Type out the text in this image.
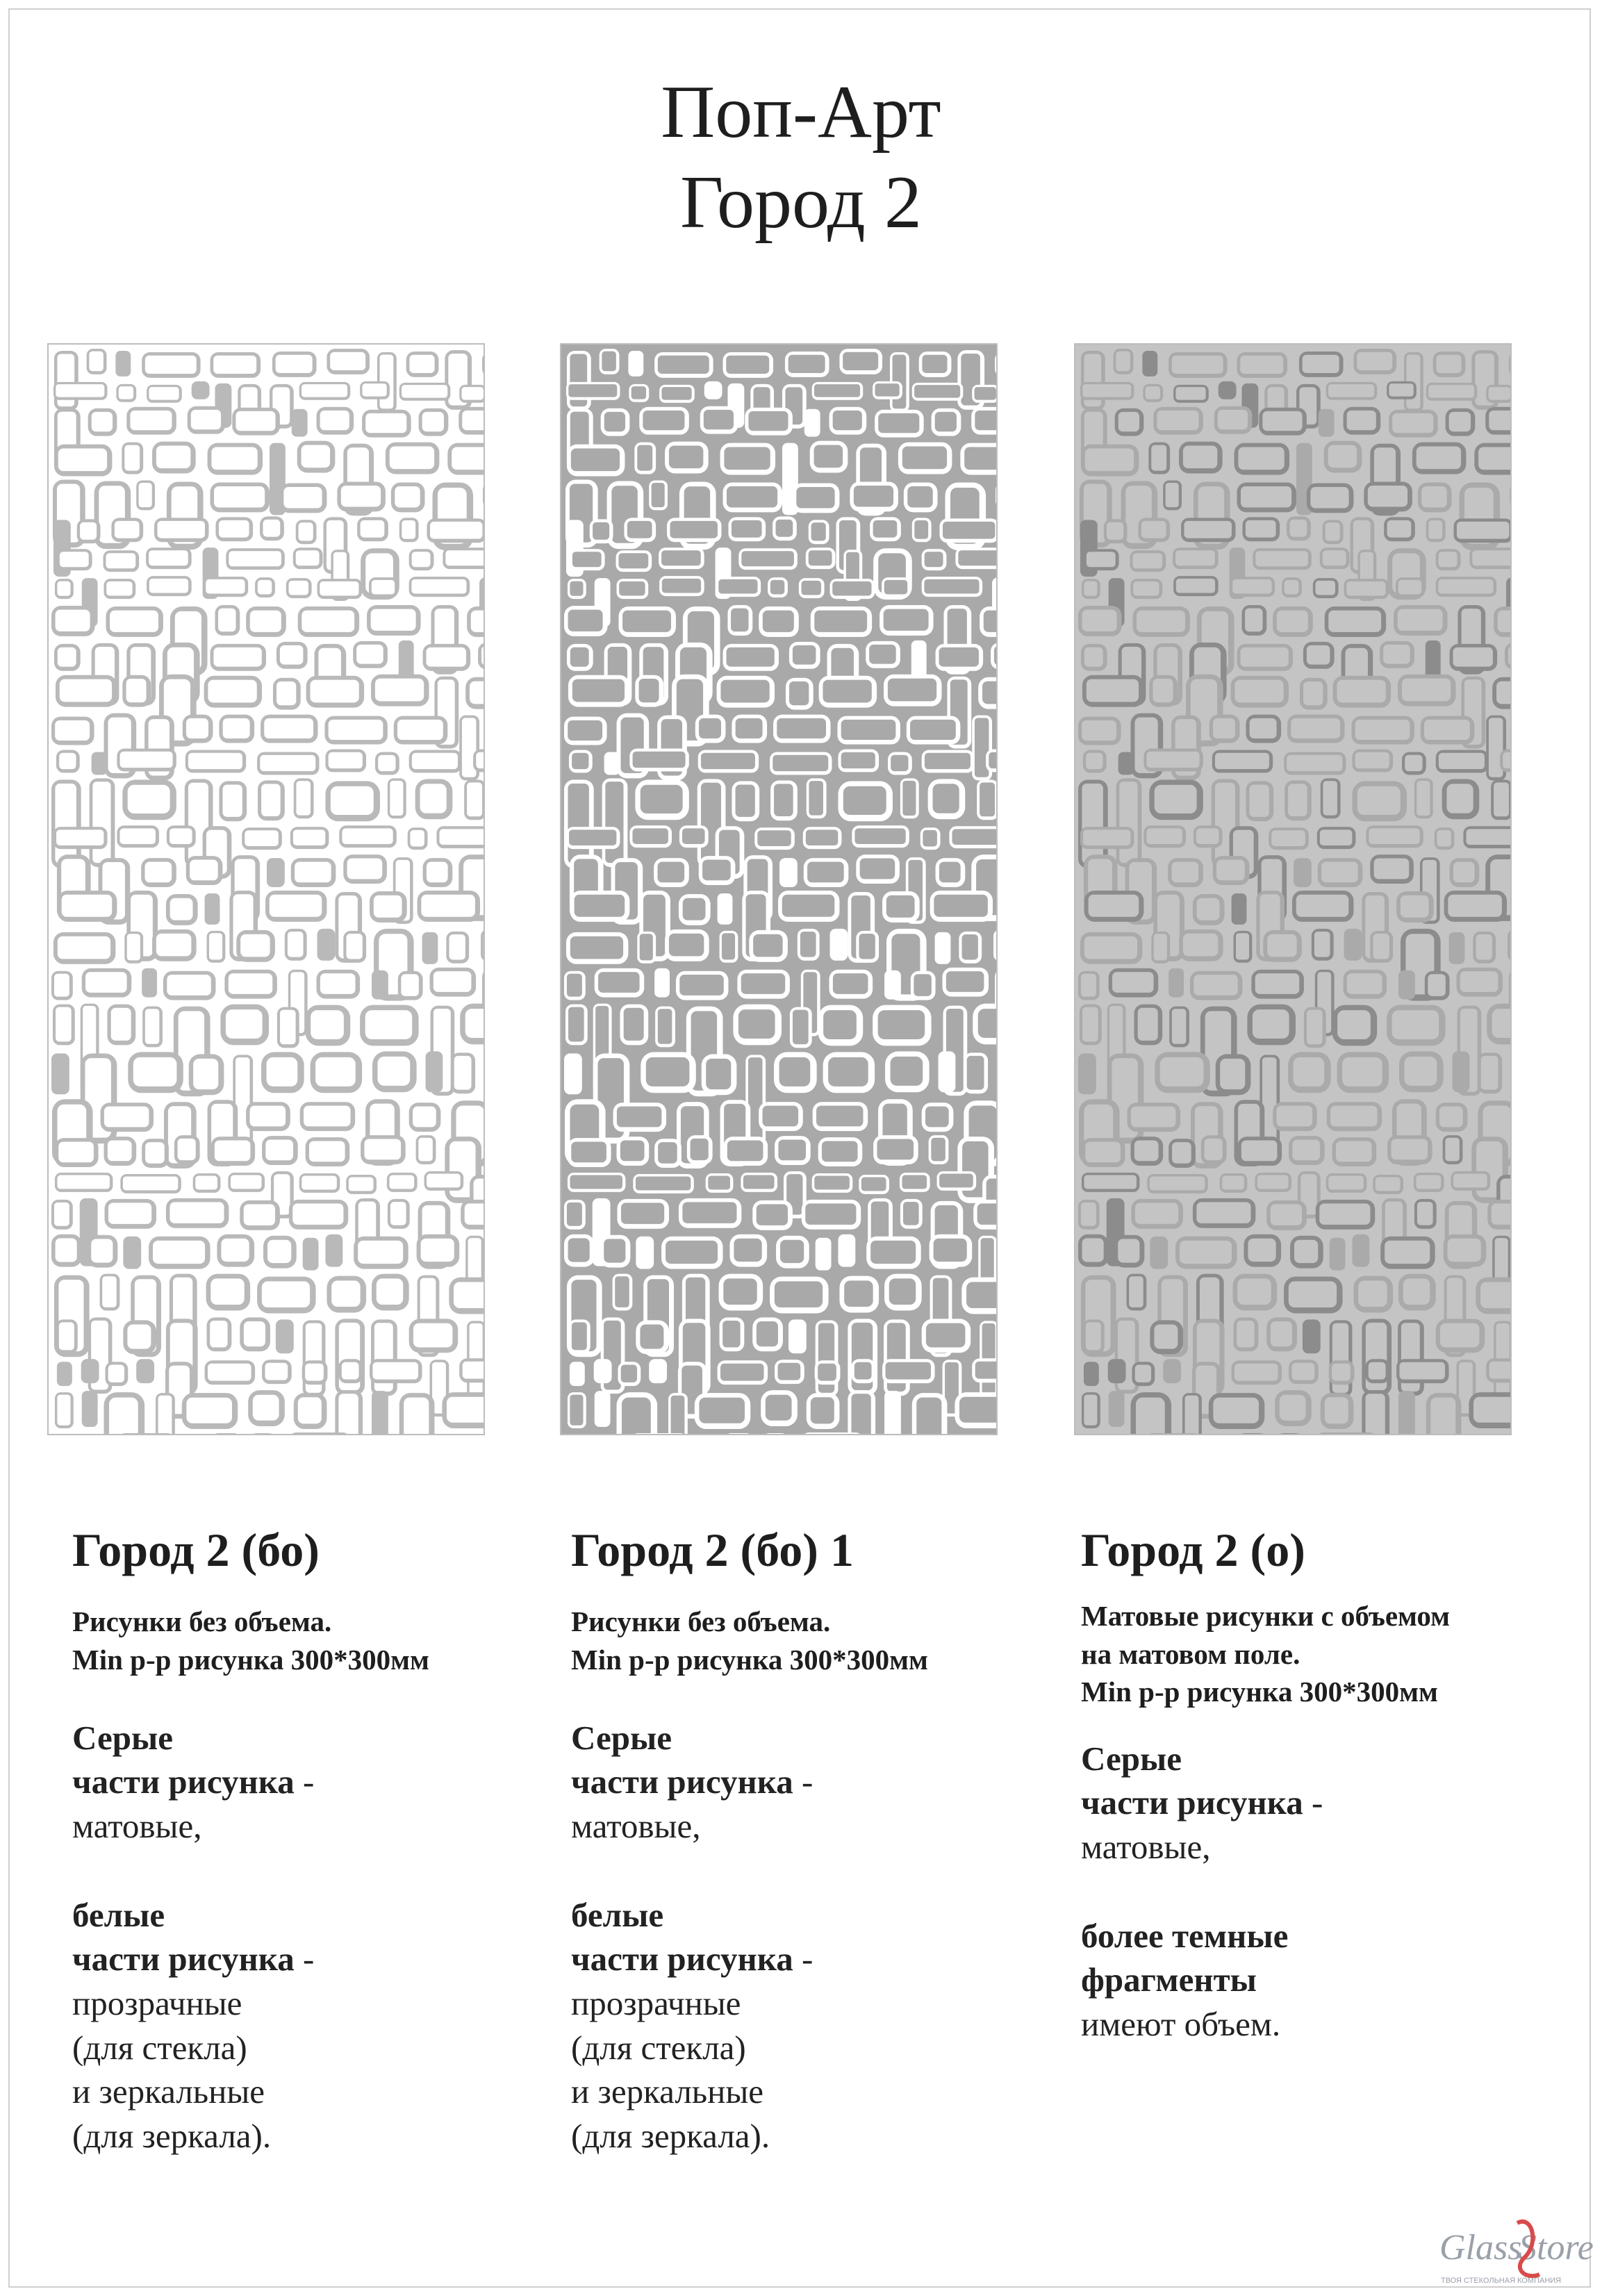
Поп-Арт
Город 2
Город 2 (бо)
Рисунки без объема.
Min р-р рисунка 300*300мм
Серые
части рисунка -
матовые,
белые
части рисунка -
прозрачные
(для стекла)
и зеркальные
(для зеркала).
Город 2 (бо) 1
Рисунки без объема.
Min р-р рисунка 300*300мм
Серые
части рисунка -
матовые,
белые
части рисунка -
прозрачные
(для стекла)
и зеркальные
(для зеркала).
Город 2 (о)
Матовые рисунки с объемом
на матовом поле.
Min р-р рисунка 300*300мм
Серые
части рисунка -
матовые,
более темные
фрагменты
имеют объем.
Glass
Store
ТВОЯ СТЕКОЛЬНАЯ КОМПАНИЯ
